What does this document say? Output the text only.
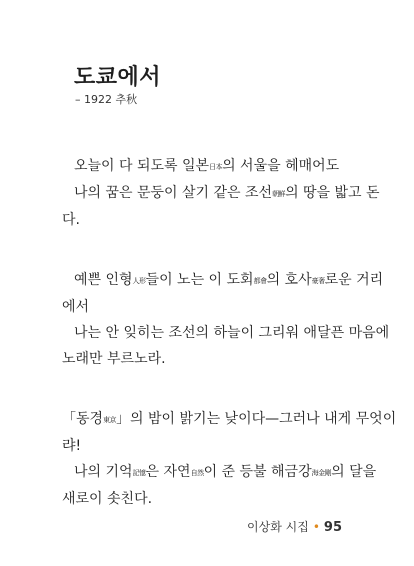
도쿄에서
– 1922 추秋
오늘이 다 되도록 일본日本의 서울을 헤매어도
나의 꿈은 문둥이 살기 같은 조선朝鮮의 땅을 밟고 돈
다.
예쁜 인형人形들이 노는 이 도회都會의 호사豪奢로운 거리
에서
나는 안 잊히는 조선의 하늘이 그리워 애달픈 마음에
노래만 부르노라.
「동경東京」의 밤이 밝기는 낮이다—그러나 내게 무엇이
랴!
나의 기억記憶은 자연自然이 준 등불 해금강海金剛의 달을
새로이 솟친다.
이상화 시집 • 95
